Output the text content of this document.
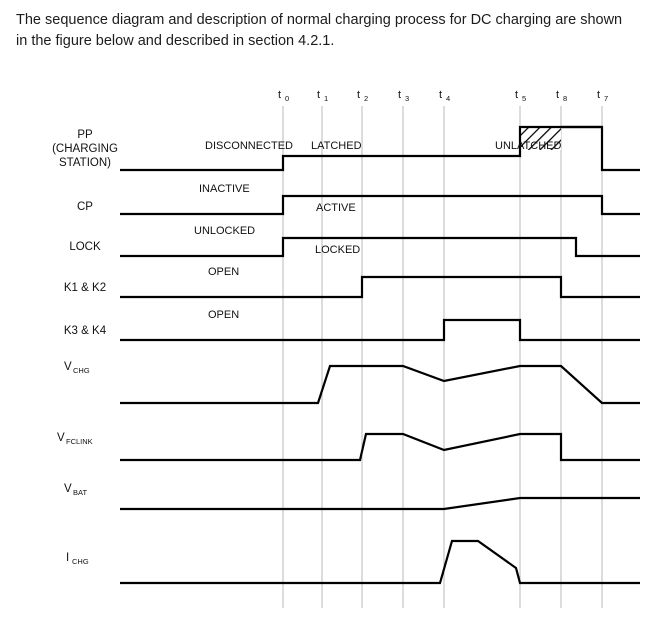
The sequence diagram and description of normal charging process for DC charging are shown in the figure below and described in section 4.2.1.
t 0	t 1	t 2	t 3	t 4	t 5	t 8	t 7
PP
(CHARGING
STATION)
DISCONNECTED LATCHED	UNLATCHED
CP
INACTIVE
ACTIVE
LOCK
UNLOCKED
LOCKED
K1 & K2
OPEN
K3 & K4
OPEN
V CHG
V FCLINK
V BAT
I CHG
